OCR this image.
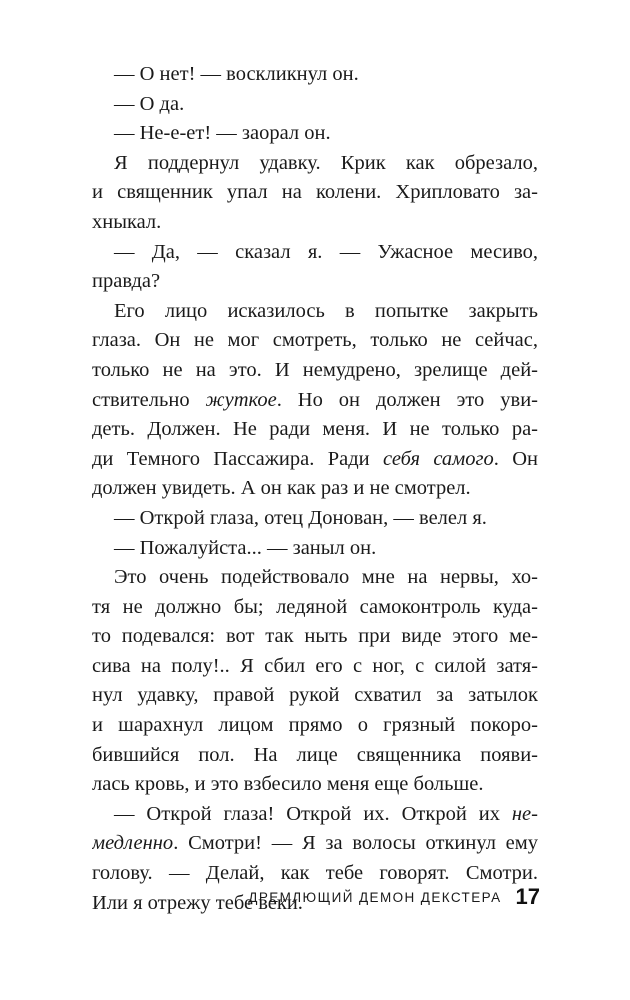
— О нет! — воскликнул он.
— О да.
— Не-е-ет! — заорал он.
Я поддернул удавку. Крик как обрезало,
и священник упал на колени. Хрипловато за-
хныкал.
— Да, — сказал я. — Ужасное месиво,
правда?
Его лицо исказилось в попытке закрыть
глаза. Он не мог смотреть, только не сейчас,
только не на это. И немудрено, зрелище дей-
ствительно жуткое. Но он должен это уви-
деть. Должен. Не ради меня. И не только ра-
ди Темного Пассажира. Ради себя самого. Он
должен увидеть. А он как раз и не смотрел.
— Открой глаза, отец Донован, — велел я.
— Пожалуйста... — заныл он.
Это очень подействовало мне на нервы, хо-
тя не должно бы; ледяной самоконтроль куда-
то подевался: вот так ныть при виде этого ме-
сива на полу!.. Я сбил его с ног, с силой затя-
нул удавку, правой рукой схватил за затылок
и шарахнул лицом прямо о грязный покоро-
бившийся пол. На лице священника появи-
лась кровь, и это взбесило меня еще больше.
— Открой глаза! Открой их. Открой их не-
медленно. Смотри! — Я за волосы откинул ему
голову. — Делай, как тебе говорят. Смотри.
Или я отрежу тебе веки.
ДРЕМЛЮЩИЙ ДЕМОН ДЕКСТЕРА 17
